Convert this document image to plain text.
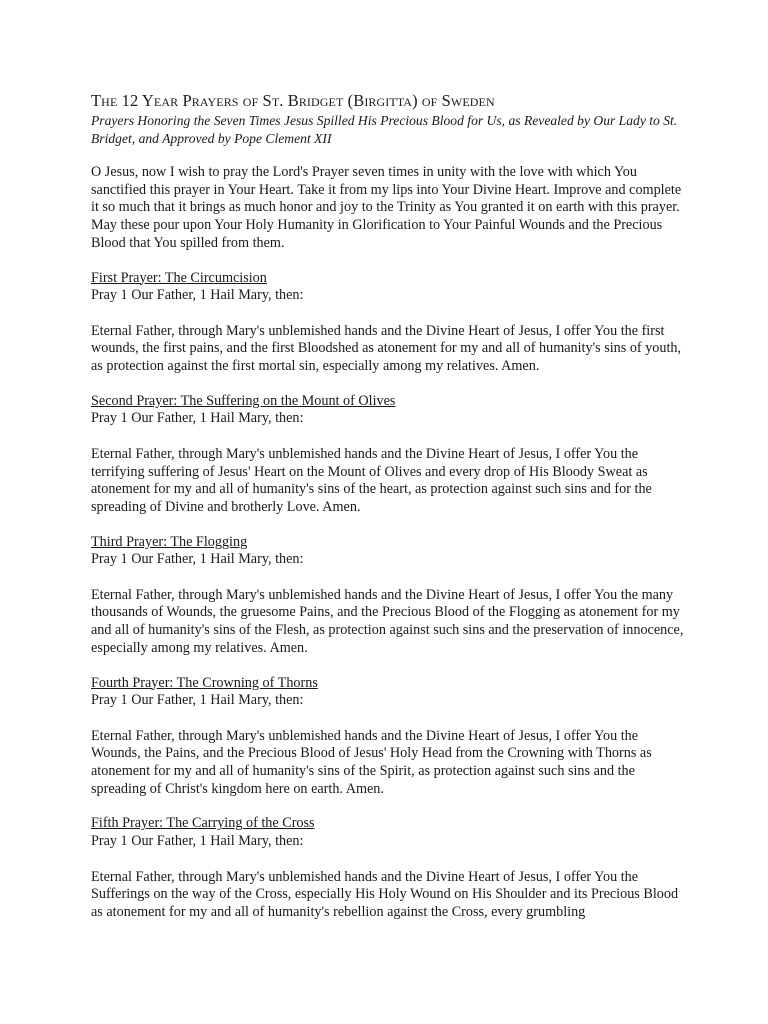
The 12 Year Prayers of St. Bridget (Birgitta) of Sweden

Prayers Honoring the Seven Times Jesus Spilled His Precious Blood for Us, as Revealed by Our Lady to St. Bridget, and Approved by Pope Clement XII

O Jesus, now I wish to pray the Lord's Prayer seven times in unity with the love with which You sanctified this prayer in Your Heart. Take it from my lips into Your Divine Heart. Improve and complete it so much that it brings as much honor and joy to the Trinity as You granted it on earth with this prayer. May these pour upon Your Holy Humanity in Glorification to Your Painful Wounds and the Precious Blood that You spilled from them.

First Prayer: The Circumcision

Pray 1 Our Father, 1 Hail Mary, then:

Eternal Father, through Mary's unblemished hands and the Divine Heart of Jesus, I offer You the first wounds, the first pains, and the first Bloodshed as atonement for my and all of humanity's sins of youth, as protection against the first mortal sin, especially among my relatives. Amen.

Second Prayer: The Suffering on the Mount of Olives

Pray 1 Our Father, 1 Hail Mary, then:

Eternal Father, through Mary's unblemished hands and the Divine Heart of Jesus, I offer You the terrifying suffering of Jesus' Heart on the Mount of Olives and every drop of His Bloody Sweat as atonement for my and all of humanity's sins of the heart, as protection against such sins and for the spreading of Divine and brotherly Love. Amen.

Third Prayer: The Flogging

Pray 1 Our Father, 1 Hail Mary, then:

Eternal Father, through Mary's unblemished hands and the Divine Heart of Jesus, I offer You the many thousands of Wounds, the gruesome Pains, and the Precious Blood of the Flogging as atonement for my and all of humanity's sins of the Flesh, as protection against such sins and the preservation of innocence, especially among my relatives. Amen.

Fourth Prayer: The Crowning of Thorns

Pray 1 Our Father, 1 Hail Mary, then:

Eternal Father, through Mary's unblemished hands and the Divine Heart of Jesus, I offer You the Wounds, the Pains, and the Precious Blood of Jesus' Holy Head from the Crowning with Thorns as atonement for my and all of humanity's sins of the Spirit, as protection against such sins and the spreading of Christ's kingdom here on earth. Amen.

Fifth Prayer: The Carrying of the Cross

Pray 1 Our Father, 1 Hail Mary, then:

Eternal Father, through Mary's unblemished hands and the Divine Heart of Jesus, I offer You the Sufferings on the way of the Cross, especially His Holy Wound on His Shoulder and its Precious Blood as atonement for my and all of humanity's rebellion against the Cross, every grumbling
